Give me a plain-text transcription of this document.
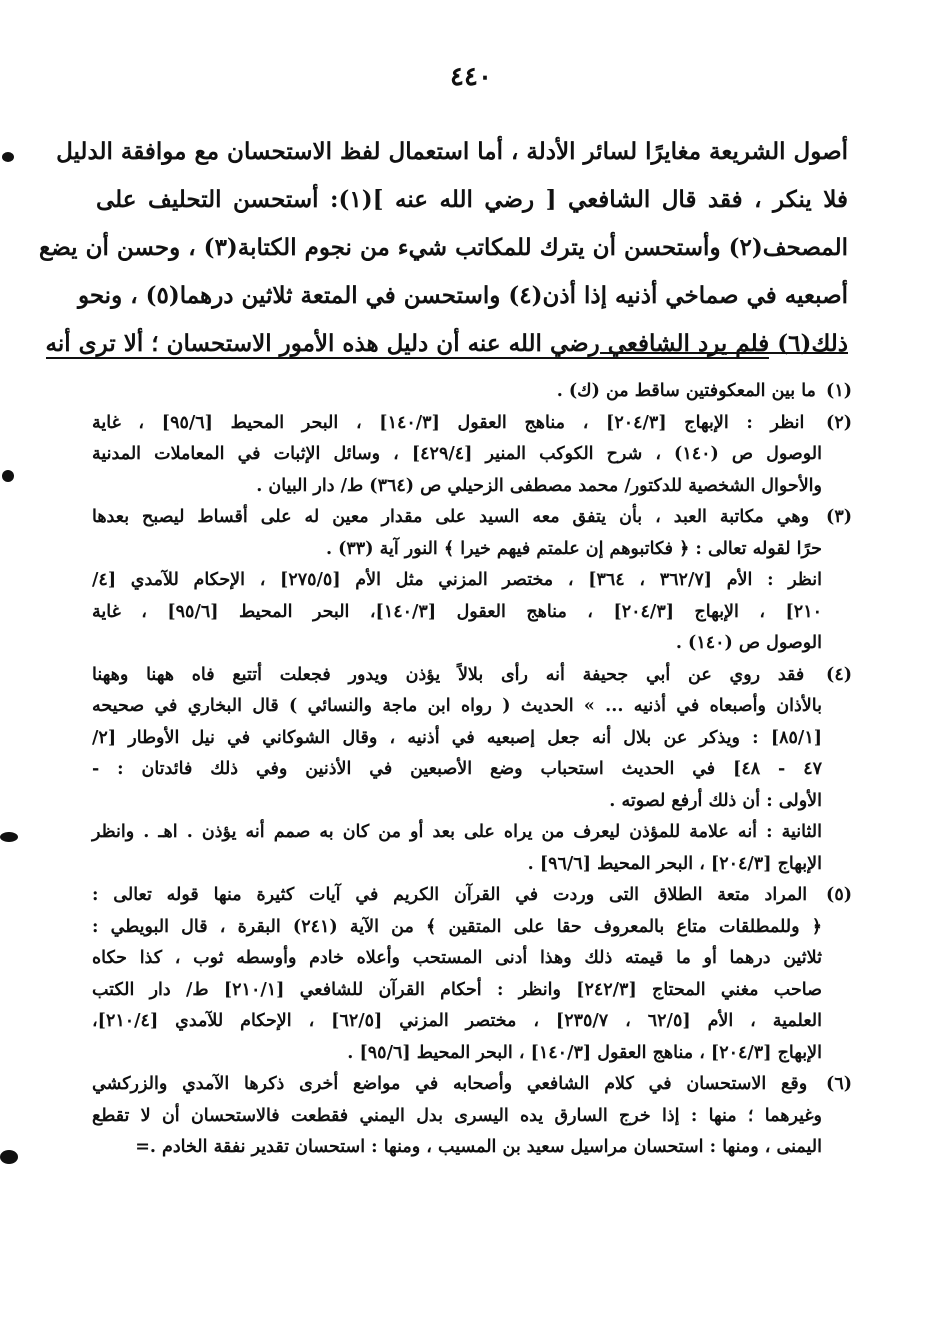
٤٤٠
أصول الشريعة مغايرًا لسائر الأدلة ، أما استعمال لفظ الاستحسان مع موافقة الدليل
فلا ينكر ، فقد قال الشافعي [ رضي الله عنه ](١): أستحسن التحليف على
المصحف(٢) وأستحسن أن يترك للمكاتب شيء من نجوم الكتابة(٣) ، وحسن أن يضع
أصبعيه في صماخي أذنيه إذا أذن(٤) واستحسن في المتعة ثلاثين درهما(٥) ، ونحو
ذلك(٦) فلم يرد الشافعي رضي الله عنه أن دليل هذه الأمور الاستحسان ؛ ألا ترى أنه
(١) ما بين المعكوفتين ساقط من (ك) .
(٢) انظر : الإبهاج [٢٠٤/٣] ، مناهج العقول [١٤٠/٣] ، البحر المحيط [٩٥/٦] ، غاية
الوصول ص (١٤٠) ، شرح الكوكب المنير [٤٢٩/٤] ، وسائل الإثبات في المعاملات المدنية
والأحوال الشخصية للدكتور/ محمد مصطفى الزحيلي ص (٣٦٤) ط/ دار البيان .
(٣) وهي مكاتبة العبد ، بأن يتفق معه السيد على مقدار معين له على أقساط ليصبح بعدها
حرًا لقوله تعالى : ﴿ فكاتبوهم إن علمتم فيهم خيرا ﴾ النور آية (٣٣) .
انظر : الأم [٣٦٢/٧ ، ٣٦٤] ، مختصر المزني مثل الأم [٢٧٥/٥] ، الإحكام للآمدي [٤/
٢١٠] ، الإبهاج [٢٠٤/٣] ، مناهج العقول [١٤٠/٣]، البحر المحيط [٩٥/٦] ، غاية
الوصول ص (١٤٠) .
(٤) فقد روي عن أبي جحيفة أنه رأى بلالاً يؤذن ويدور فجعلت أتتبع فاه ههنا وههنا
بالأذان وأصبعاه في أذنيه ... » الحديث ( رواه ابن ماجة والنسائي ) قال البخاري في صحيحه
[٨٥/١] : ويذكر عن بلال أنه جعل إصبعيه في أذنيه ، وقال الشوكاني في نيل الأوطار [٢/
٤٧ - ٤٨] في الحديث استحباب وضع الأصبعين في الأذنين وفي ذلك فائدتان : -
الأولى : أن ذلك أرفع لصوته .
الثانية : أنه علامة للمؤذن ليعرف من يراه على بعد أو من كان به صمم أنه يؤذن . اهـ . وانظر
الإبهاج [٢٠٤/٣] ، البحر المحيط [٩٦/٦] .
(٥) المراد متعة الطلاق التى وردت في القرآن الكريم في آيات كثيرة منها قوله تعالى :
﴿ وللمطلقات متاع بالمعروف حقا على المتقين ﴾ من الآية (٢٤١) البقرة ، قال البويطي :
ثلاثين درهما أو ما قيمته ذلك وهذا أدنى المستحب وأعلاه خادم وأوسطه ثوب ، كذا حكاه
صاحب مغني المحتاج [٢٤٢/٣] وانظر : أحكام القرآن للشافعي [٢١٠/١] ط/ دار الكتب
العلمية ، الأم [٦٢/٥ ، ٢٣٥/٧] ، مختصر المزني [٦٢/٥] ، الإحكام للآمدي [٢١٠/٤]،
الإبهاج [٢٠٤/٣] ، مناهج العقول [١٤٠/٣] ، البحر المحيط [٩٥/٦] .
(٦) وقع الاستحسان في كلام الشافعي وأصحابه في مواضع أخرى ذكرها الآمدي والزركشي
وغيرهما ؛ منها : إذا خرج السارق يده اليسرى بدل اليمني فقطعت فالاستحسان أن لا تقطع
اليمنى ، ومنها : استحسان مراسيل سعيد بن المسيب ، ومنها : استحسان تقدير نفقة الخادم .=
